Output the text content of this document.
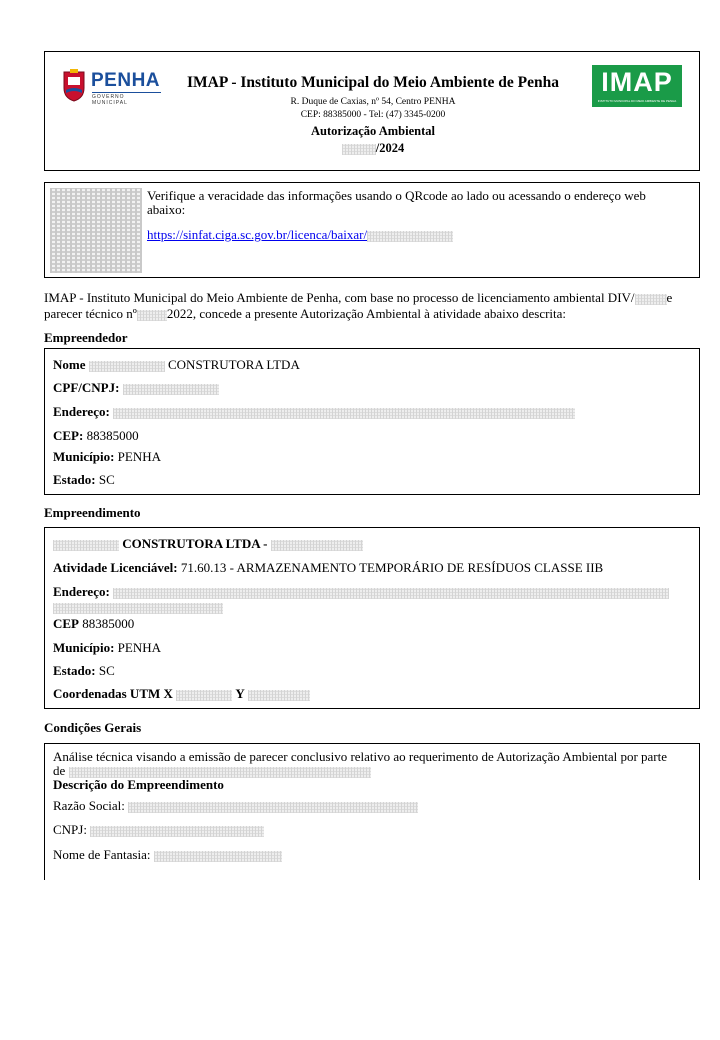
PENHA
GOVERNO MUNICIPAL
IMAP - Instituto Municipal do Meio Ambiente de Penha
R. Duque de Caxias, nº 54, Centro PENHA
CEP: 88385000 - Tel: (47) 3345-0200
Autorização Ambiental
/2024
IMAP
INSTITUTO MUNICIPAL DO MEIO AMBIENTE DE PENHA
Verifique a veracidade das informações usando o QRcode ao lado ou acessando o endereço web abaixo:
https://sinfat.ciga.sc.gov.br/licenca/baixar/
IMAP - Instituto Municipal do Meio Ambiente de Penha, com base no processo de licenciamento ambiental DIV/ e
parecer técnico nº 2022, concede a presente Autorização Ambiental à atividade abaixo descrita:
Empreendedor
Nome	CONSTRUTORA LTDA
CPF/CNPJ:
Endereço:
CEP: 88385000
Município: PENHA
Estado: SC
Empreendimento
CONSTRUTORA LTDA -
Atividade Licenciável: 71.60.13 - ARMAZENAMENTO TEMPORÁRIO DE RESÍDUOS CLASSE IIB
Endereço:
CEP 88385000
Município: PENHA
Estado: SC
Coordenadas UTM X	Y
Condições Gerais
Análise técnica visando a emissão de parecer conclusivo relativo ao requerimento de Autorização Ambiental por parte
de
Descrição do Empreendimento
Razão Social:
CNPJ:
Nome de Fantasia:
